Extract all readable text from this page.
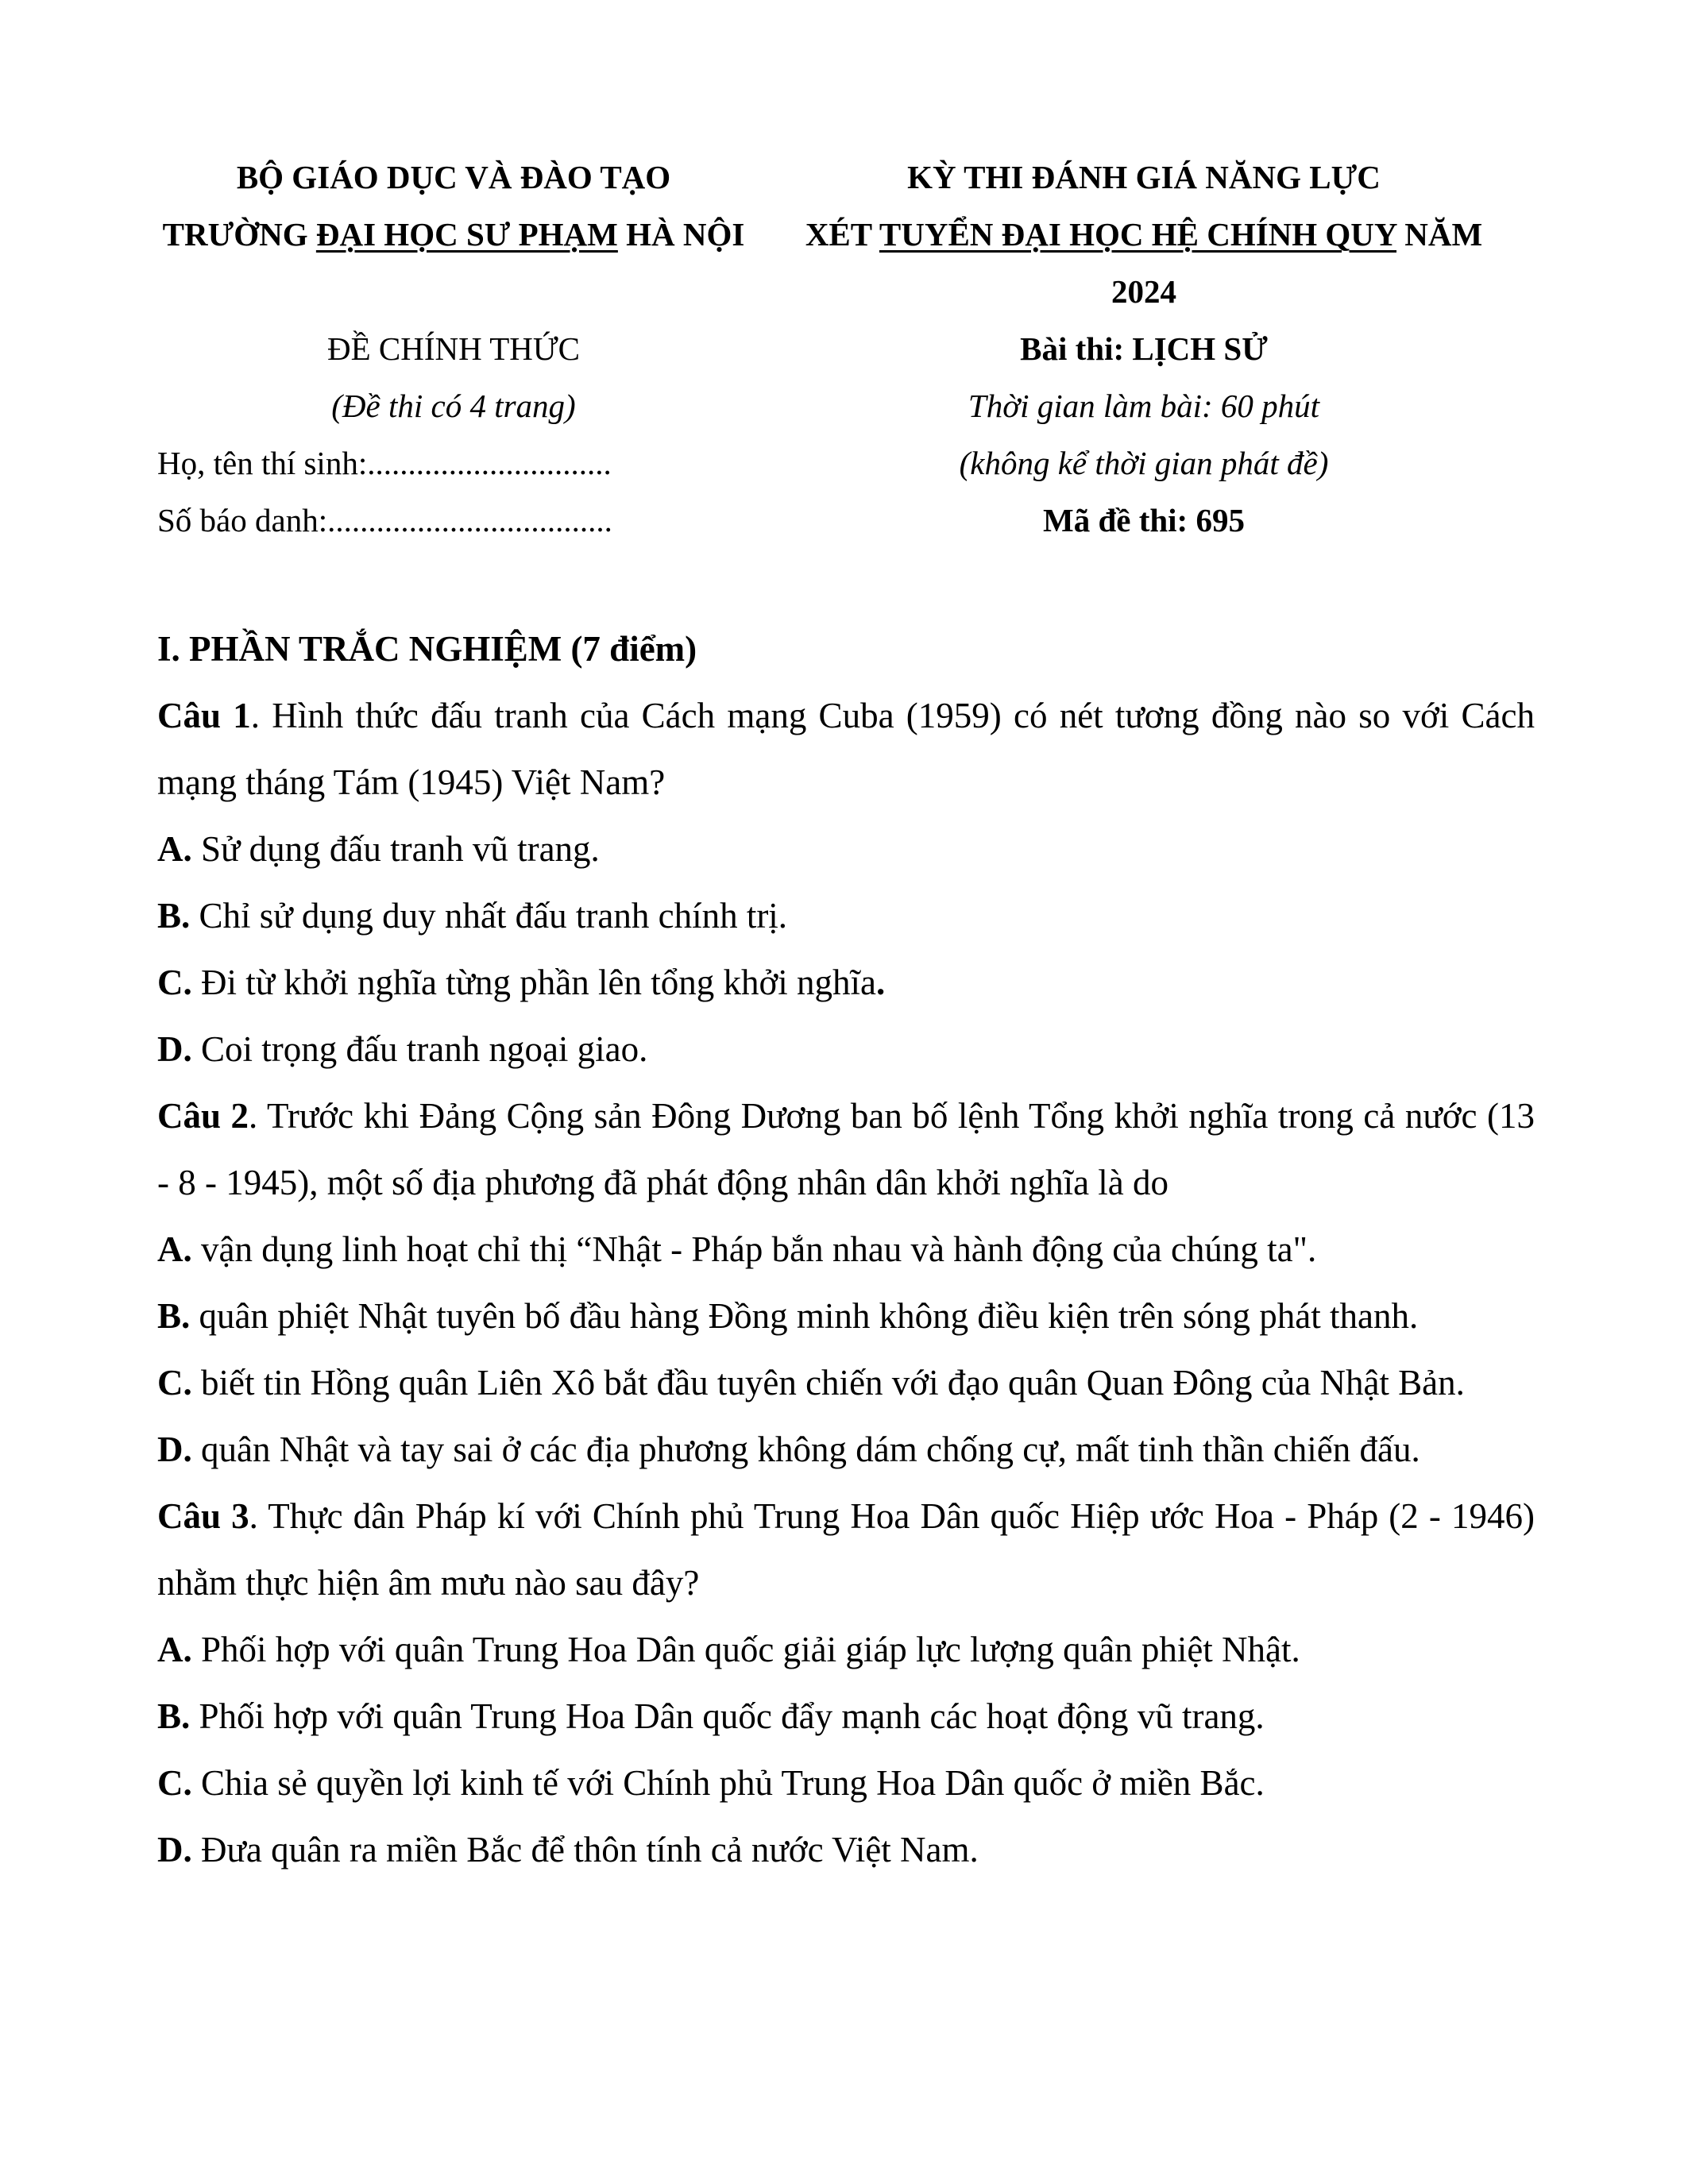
BỘ GIÁO DỤC VÀ ĐÀO TẠO
TRƯỜNG ĐẠI HỌC SƯ PHẠM HÀ NỘI

ĐỀ CHÍNH THỨC
(Đề thi có 4 trang)
Họ, tên thí sinh:..............................
Số báo danh:...................................
KỲ THI ĐÁNH GIÁ NĂNG LỰC
XÉT TUYỂN ĐẠI HỌC HỆ CHÍNH QUY NĂM
2024
Bài thi: LỊCH SỬ
Thời gian làm bài: 60 phút
(không kể thời gian phát đề)
Mã đề thi: 695

I. PHẦN TRẮC NGHIỆM (7 điểm)

Câu 1. Hình thức đấu tranh của Cách mạng Cuba (1959) có nét tương đồng nào so với Cách mạng tháng Tám (1945) Việt Nam?

A. Sử dụng đấu tranh vũ trang.

B. Chỉ sử dụng duy nhất đấu tranh chính trị.

C. Đi từ khởi nghĩa từng phần lên tổng khởi nghĩa.

D. Coi trọng đấu tranh ngoại giao.

Câu 2. Trước khi Đảng Cộng sản Đông Dương ban bố lệnh Tổng khởi nghĩa trong cả nước (13 - 8 - 1945), một số địa phương đã phát động nhân dân khởi nghĩa là do

A. vận dụng linh hoạt chỉ thị “Nhật - Pháp bắn nhau và hành động của chúng ta".

B. quân phiệt Nhật tuyên bố đầu hàng Đồng minh không điều kiện trên sóng phát thanh.

C. biết tin Hồng quân Liên Xô bắt đầu tuyên chiến với đạo quân Quan Đông của Nhật Bản.

D. quân Nhật và tay sai ở các địa phương không dám chống cự, mất tinh thần chiến đấu.

Câu 3. Thực dân Pháp kí với Chính phủ Trung Hoa Dân quốc Hiệp ước Hoa - Pháp (2 - 1946) nhằm thực hiện âm mưu nào sau đây?

A. Phối hợp với quân Trung Hoa Dân quốc giải giáp lực lượng quân phiệt Nhật.

B. Phối hợp với quân Trung Hoa Dân quốc đẩy mạnh các hoạt động vũ trang.

C. Chia sẻ quyền lợi kinh tế với Chính phủ Trung Hoa Dân quốc ở miền Bắc.

D. Đưa quân ra miền Bắc để thôn tính cả nước Việt Nam.
